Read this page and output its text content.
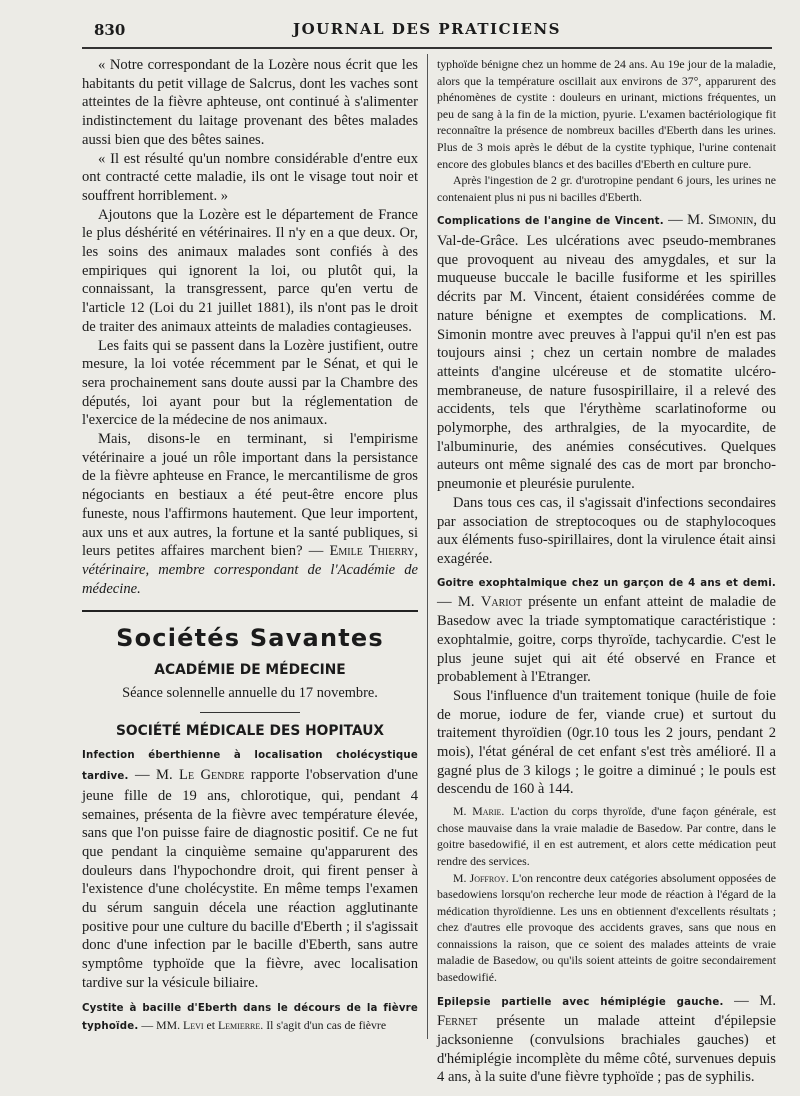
830	JOURNAL DES PRATICIENS

« Notre correspondant de la Lozère nous écrit que les habitants du petit village de Salcrus, dont les vaches sont atteintes de la fièvre aphteuse, ont continué à s'alimenter indistinctement du laitage provenant des bêtes malades aussi bien que des bêtes saines.

« Il est résulté qu'un nombre considérable d'entre eux ont contracté cette maladie, ils ont le visage tout noir et souffrent horriblement. »

Ajoutons que la Lozère est le département de France le plus déshérité en vétérinaires. Il n'y en a que deux. Or, les soins des animaux malades sont confiés à des empiriques qui ignorent la loi, ou plutôt qui, la connaissant, la transgressent, parce qu'en vertu de l'article 12 (Loi du 21 juillet 1881), ils n'ont pas le droit de traiter des animaux atteints de maladies contagieuses.

Les faits qui se passent dans la Lozère justifient, outre mesure, la loi votée récemment par le Sénat, et qui le sera prochainement sans doute aussi par la Chambre des députés, loi ayant pour but la réglementation de l'exercice de la médecine de nos animaux.

Mais, disons-le en terminant, si l'empirisme vétérinaire a joué un rôle important dans la persistance de la fièvre aphteuse en France, le mercantilisme de gros négociants en bestiaux a été peut-être encore plus funeste, nous l'affirmons hautement. Que leur importent, aux uns et aux autres, la fortune et la santé publiques, si leurs petites affaires marchent bien? — Emile Thierry, vétérinaire, membre correspondant de l'Académie de médecine.

Sociétés Savantes
ACADÉMIE DE MÉDECINE

Séance solennelle annuelle du 17 novembre.

SOCIÉTÉ MÉDICALE DES HOPITAUX

Infection éberthienne à localisation cholécystique tardive. — M. Le Gendre rapporte l'observation d'une jeune fille de 19 ans, chlorotique, qui, pendant 4 semaines, présenta de la fièvre avec température élevée, sans que l'on puisse faire de diagnostic positif. Ce ne fut que pendant la cinquième semaine qu'apparurent des douleurs dans l'hypochondre droit, qui firent penser à l'existence d'une cholécystite. En même temps l'examen du sérum sanguin décela une réaction agglutinante positive pour une culture du bacille d'Eberth ; il s'agissait donc d'une infection par le bacille d'Eberth, sans autre symptôme typhoïde que la fièvre, avec localisation tardive sur la vésicule biliaire.

Cystite à bacille d'Eberth dans le décours de la fièvre typhoïde. — MM. Levi et Lemierre. Il s'agit d'un cas de fièvre

typhoïde bénigne chez un homme de 24 ans. Au 19e jour de la maladie, alors que la température oscillait aux environs de 37°, apparurent des phénomènes de cystite : douleurs en urinant, mictions fréquentes, un peu de sang à la fin de la miction, pyurie. L'examen bactériologique fit reconnaître la présence de nombreux bacilles d'Eberth dans les urines. Plus de 3 mois après le début de la cystite typhique, l'urine contenait encore des globules blancs et des bacilles d'Eberth en culture pure.

Après l'ingestion de 2 gr. d'urotropine pendant 6 jours, les urines ne contenaient plus ni pus ni bacilles d'Eberth.

Complications de l'angine de Vincent. — M. Simonin, du Val-de-Grâce. Les ulcérations avec pseudo-membranes que provoquent au niveau des amygdales, et sur la muqueuse buccale le bacille fusiforme et les spirilles décrits par M. Vincent, étaient considérées comme de nature bénigne et exemptes de complications. M. Simonin montre avec preuves à l'appui qu'il n'en est pas toujours ainsi ; chez un certain nombre de malades atteints d'angine ulcéreuse et de stomatite ulcéro-membraneuse, de nature fusospirillaire, il a relevé des accidents, tels que l'érythème scarlatinoforme ou polymorphe, des arthralgies, de la myocardite, de l'albuminurie, des anémies consécutives. Quelques auteurs ont même signalé des cas de mort par broncho-pneumonie et pleurésie purulente.

Dans tous ces cas, il s'agissait d'infections secondaires par association de streptocoques ou de staphylocoques aux éléments fuso-spirillaires, dont la virulence était ainsi exagérée.

Goitre exophtalmique chez un garçon de 4 ans et demi. — M. Variot présente un enfant atteint de maladie de Basedow avec la triade symptomatique caractéristique : exophtalmie, goitre, corps thyroïde, tachycardie. C'est le plus jeune sujet qui ait été observé en France et probablement à l'Etranger.

Sous l'influence d'un traitement tonique (huile de foie de morue, iodure de fer, viande crue) et surtout du traitement thyroïdien (0gr.10 tous les 2 jours, pendant 2 mois), l'état général de cet enfant s'est très amélioré. Il a gagné plus de 3 kilogs ; le goitre a diminué ; le pouls est descendu de 160 à 144.

M. Marie. L'action du corps thyroïde, d'une façon générale, est chose mauvaise dans la vraie maladie de Basedow. Par contre, dans le goitre basedowifié, il en est autrement, et alors cette médication peut rendre des services.

M. Joffroy. L'on rencontre deux catégories absolument opposées de basedowiens lorsqu'on recherche leur mode de réaction à l'égard de la médication thyroïdienne. Les uns en obtiennent d'excellents résultats ; chez d'autres elle provoque des accidents graves, sans que nous en connaissions la raison, que ce soient des malades atteints de vraie maladie de Basedow, ou qu'ils soient atteints de goitre secondairement basedowifié.

Epilepsie partielle avec hémiplégie gauche. — M. Fernet présente un malade atteint d'épilepsie jacksonienne (convulsions brachiales gauches) et d'hémiplégie incomplète du même côté, survenues depuis 4 ans, à la suite d'une fièvre typhoïde ; pas de syphilis.
